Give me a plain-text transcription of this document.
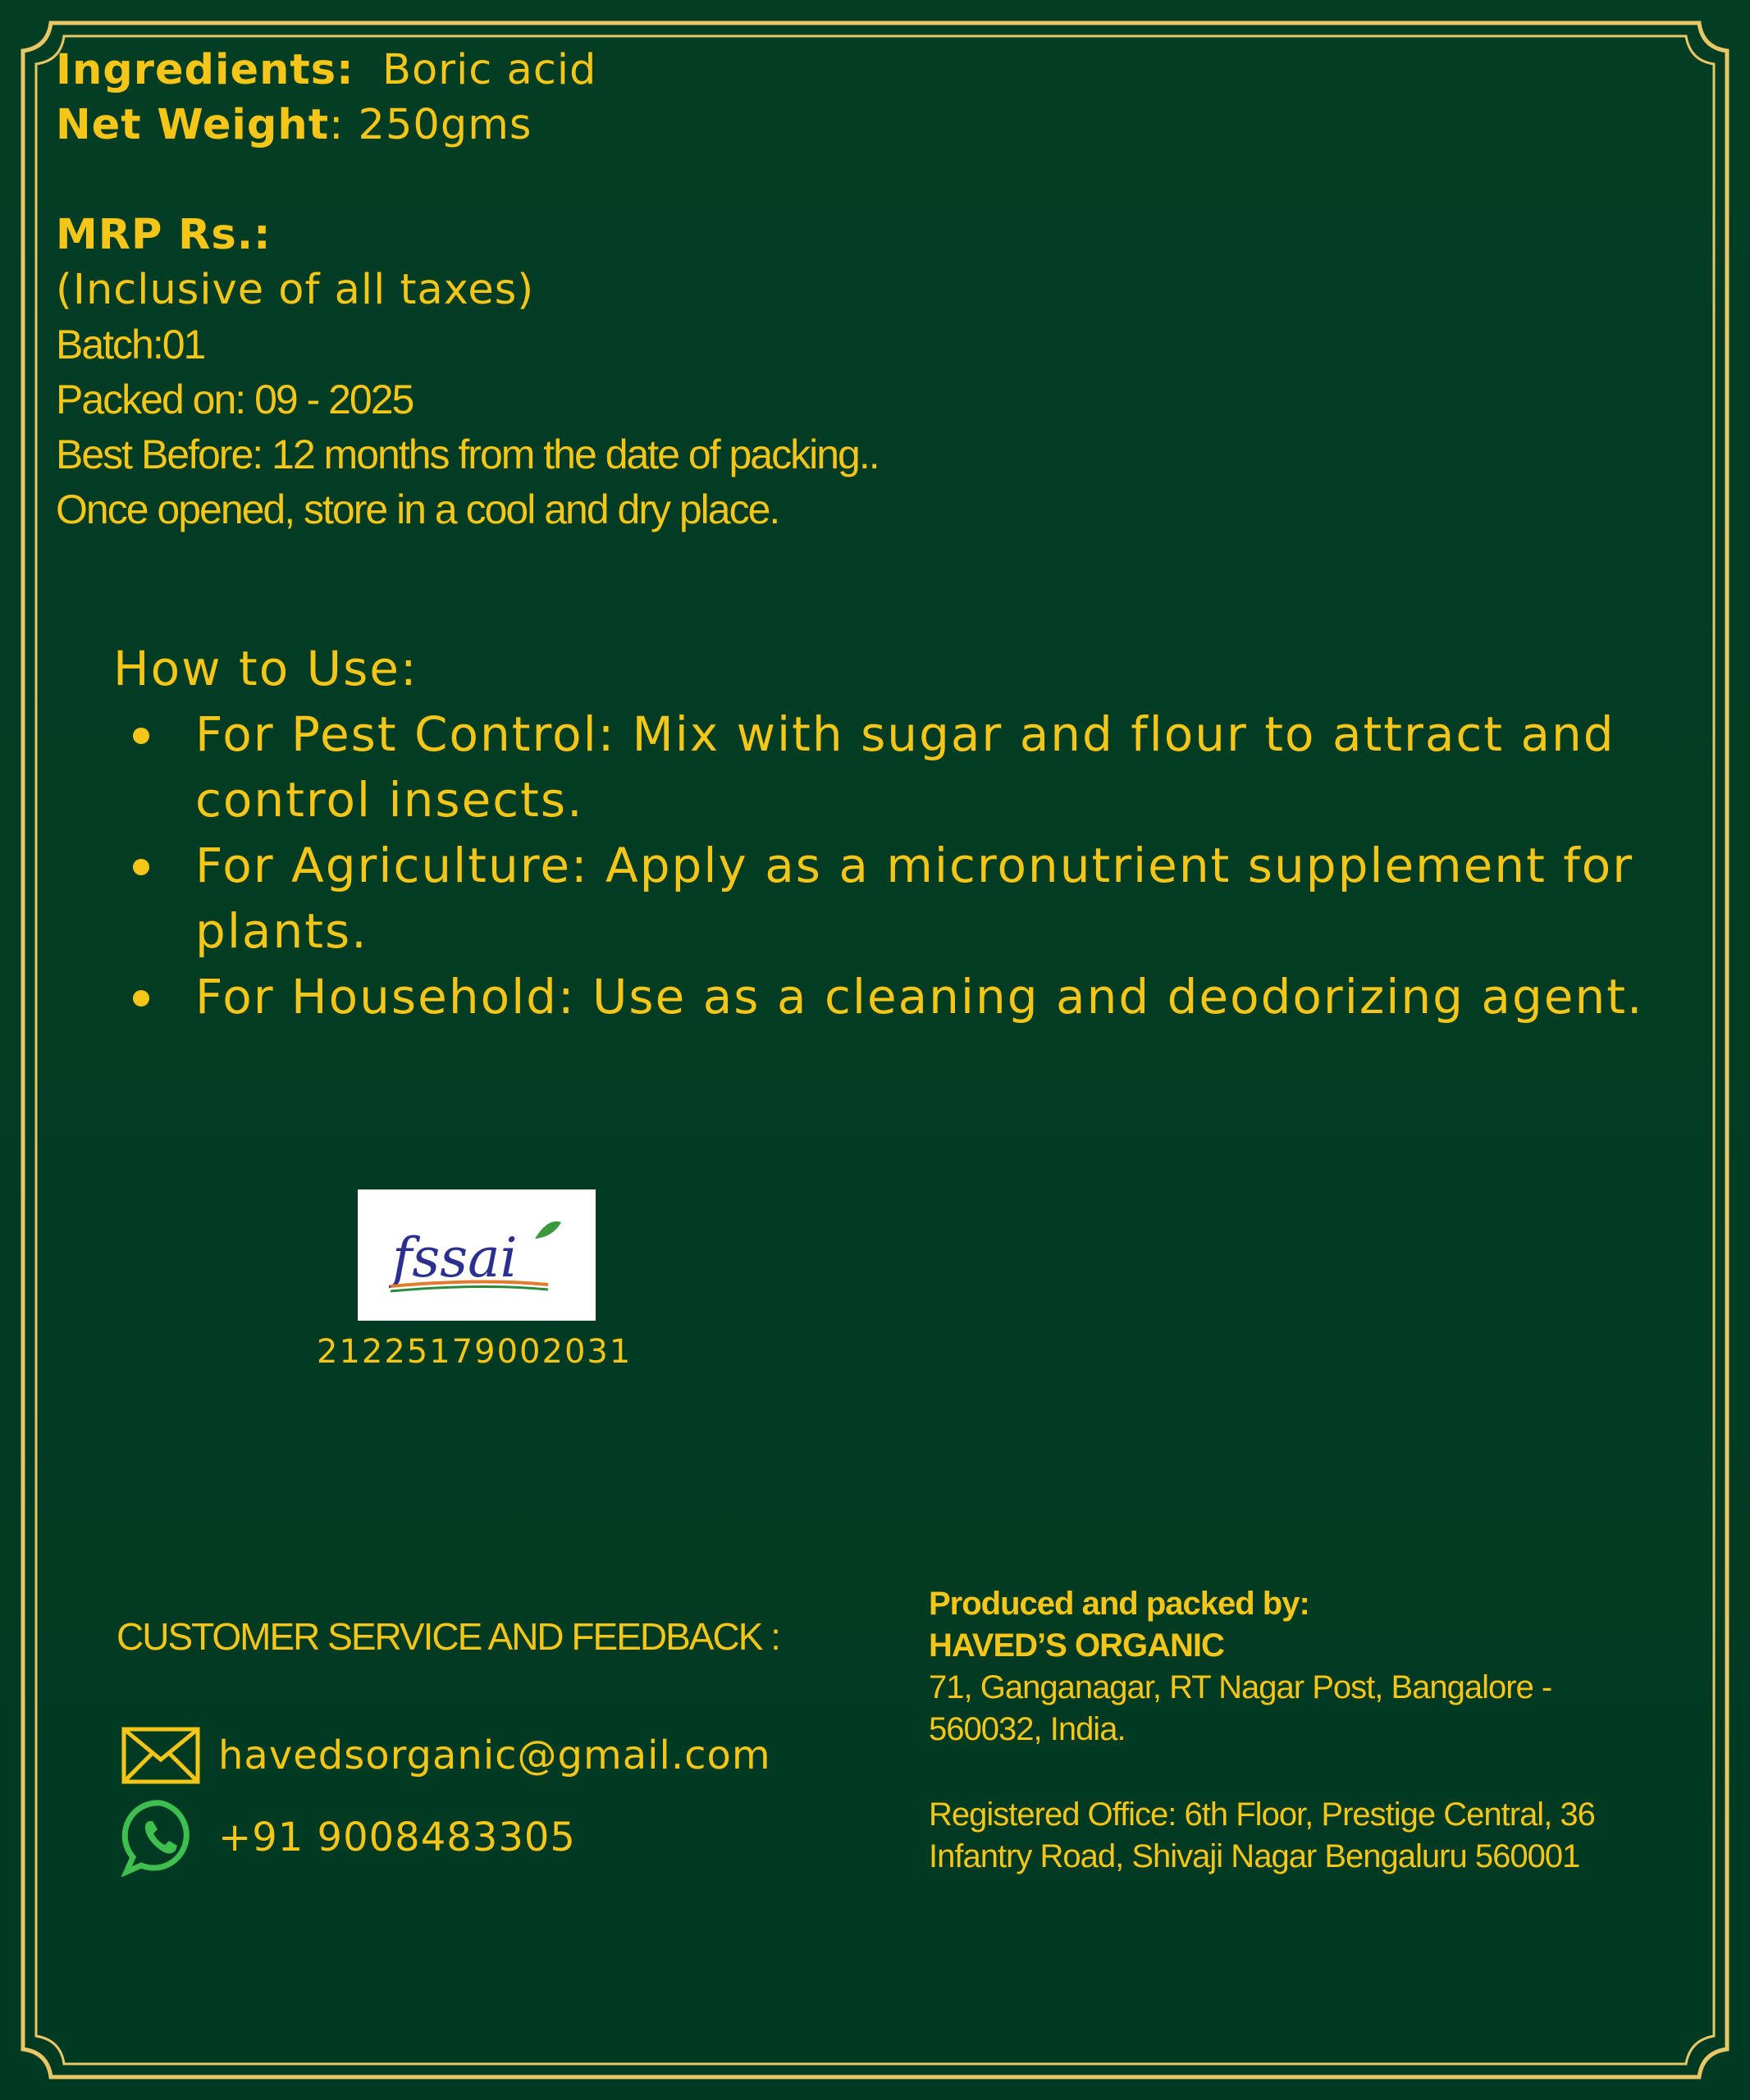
Ingredients: Boric acid
Net Weight: 250gms
MRP Rs.:
(Inclusive of all taxes)
Batch:01
Packed on: 09 - 2025
Best Before: 12 months from the date of packing..
Once opened, store in a cool and dry place.
How to Use:
For Pest Control: Mix with sugar and flour to attract and control insects.
For Agriculture: Apply as a micronutrient supplement for plants.
For Household: Use as a cleaning and deodorizing agent.
fssai
21225179002031
CUSTOMER SERVICE AND FEEDBACK :
havedsorganic@gmail.com
+91 9008483305
Produced and packed by:
HAVED’S ORGANIC
71, Ganganagar, RT Nagar Post, Bangalore -
560032, India.
Registered Office: 6th Floor, Prestige Central, 36
Infantry Road, Shivaji Nagar Bengaluru 560001
